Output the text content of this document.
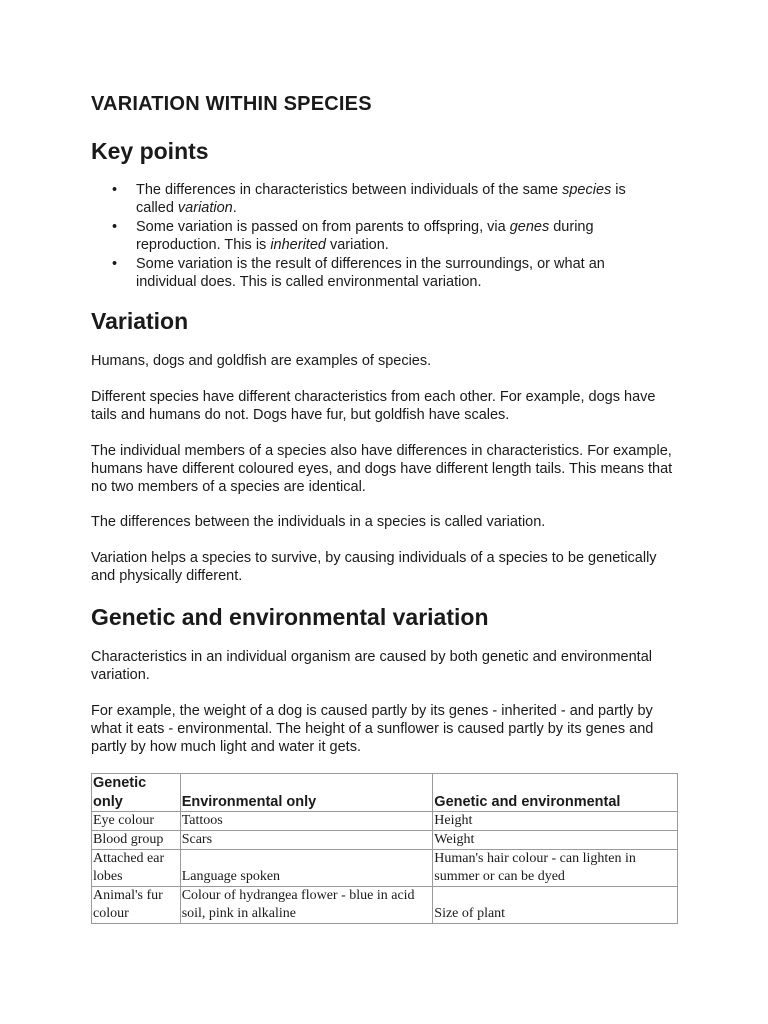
VARIATION WITHIN SPECIES
Key points
• The differences in characteristics between individuals of the same species is called variation.
• Some variation is passed on from parents to offspring, via genes during reproduction. This is inherited variation.
• Some variation is the result of differences in the surroundings, or what an individual does. This is called environmental variation.
Variation

Humans, dogs and goldfish are examples of species.

Different species have different characteristics from each other. For example, dogs have tails and humans do not. Dogs have fur, but goldfish have scales.

The individual members of a species also have differences in characteristics. For example, humans have different coloured eyes, and dogs have different length tails. This means that no two members of a species are identical.

The differences between the individuals in a species is called variation.

Variation helps a species to survive, by causing individuals of a species to be genetically and physically different.

Genetic and environmental variation

Characteristics in an individual organism are caused by both genetic and environmental variation.

For example, the weight of a dog is caused partly by its genes - inherited - and partly by what it eats - environmental. The height of a sunflower is caused partly by its genes and partly by how much light and water it gets.

Genetic only	Environmental only	Genetic and environmental
Eye colour	Tattoos	Height
Blood group	Scars	Weight
Attached ear lobes	Language spoken	Human's hair colour - can lighten in summer or can be dyed
Animal's fur colour	Colour of hydrangea flower - blue in acid soil, pink in alkaline	Size of plant
